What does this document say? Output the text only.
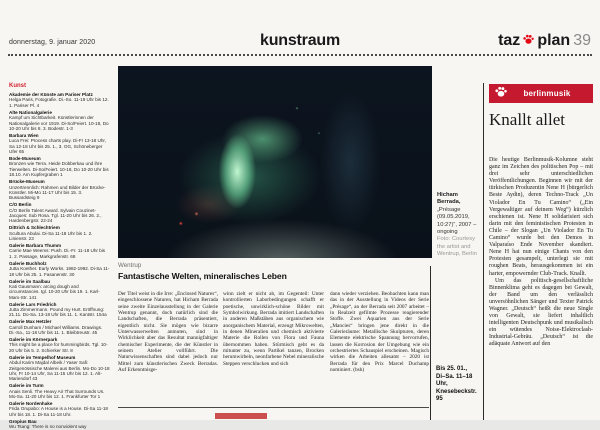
donnerstag, 9. januar 2020	kunstraum	taz plan 39
Kunst
Akademie der Künste am Pariser Platz
Helga Paris, Fotografie. Di.-So. 11-19 Uhr bis 12. 1. Pariser Pl. 4
Alte Nationalgalerie
Kampf um Sichtbarkeit. Künstlerinnen der Nationalgalerie vor 1919. Di-So/Feiert. 10-18, Do 10-20 Uhr bis 8. 3. Bodestr. 1-3
Barbara Wien
Luca Frei: Process charts play. Di-Fr 13-18 Uhr, Sa 12-18 Uhr bis 25. 1., 3. OG, Schöneberger Ufer 65
Bode-Museum
Bronzen wie Terra. Heide Dobberkau und ihre Tierwelten. Di-So/Feiert. 10-18, Do 10-20 Uhr bis 18.10. Am Kupfergraben 1
Brücke-Museum
Unzertrennlich: Rahmen und Bilder der Brücke-Künstler. Mi-Mo 11-17 Uhr bis 15. 3. Bussardsteig 9
C/O Berlin
C/O Berlin Talent Award. Sylvain Couzinet-Jacques: Sub Rosa. Tgl. 11-20 Uhr bis 26. 2., Hardenbergstr. 22-24
Dittrich & Schlechtriem
Scultura Abulai. Di-Sa 11-18 Uhr bis 1. 2. Linienstr. 23
Galerie Barbara Thumm
Carrie Mae Weems: Push. Di.-Fr. 11-18 Uhr bis 1. 2. Passage, Markgrafenstr. 68
Galerie Buchholz
Jutta Koether. Early Works. 1982-1992. Di-Sa 11-18 Uhr bis 25. 1. Fasanenstr. 30
Galerie im Saalbau
Kati Gausmann: arcing dough and circumstances. tgl. 10-20 Uhr bis 19. 1. Karl-Marx-Str. 141
Galerie Lars Friedrich
Jutta Zimmermann. Pound my Hurt. Eröffnung: 21.11. Do-Sa. 13-18 Uhr bis 11. 1. Kantstr. 154a
Galerie Max Hetzler
Carroll Dunham / Michael Williams. Drawings. Di.-Sa., 11-18 Uhr bis 11. 1. Bleibtreustr. 45
Galerie im Körnerpark
This might be a place for hummingbirds. Tgl. 10-20 Uhr bis 5. 2. Schierker Str. 8
Galerie im Tempelhof Museum
Abdul Karim Majdal Albeik / Yaser Safi: Zeitgenössische Malerei aus Berlin. Mo-Do 10-18 Uhr, Fr 10-14 Uhr, Sa 11-15 Uhr bis 12. 1. Alt-Mariendorf 43
Galerie im Turm
Anais Senli. The Heavy Air That Surrounds Us. Mo-Sa. 11-20 Uhr bis 12. 1. Frankfurter Tor 1
Galerie Nordenhake
Frida Orupabo: A House is a House. Di-Sa 11-18 Uhr bis 18. 1. Di-Sa 11-18 Uhr.
Gropius Bau
Wu Tsang: There is no nonviolent way
Hicham Berrada,
„Présage (09.05.2019, 10:27)“, 2007 –ongoing
Foto: Courtesy the artist and Wentrup, Berlin
Wentrup
Fantastische Welten, mineralisches Leben
Der Titel weist in die Irre: „Enclosed Natures“, eingeschlossene Naturen, hat Hicham Berrada seine zweite Einzelausstellung in der Galerie Wentrup genannt, doch natürlich sind die Landschaften, die Berrada präsentiert, eigentlich nicht. Sie mögen wie bizarre Unterwasserwelten anmuten, sind in Wirklichkeit aber das Resultat mannigfaltiger chemischer Experimente, die der Künstler in seinem Atelier vollführt. Die Naturwissenschaften sind dabei jedoch nur Mittel zum künstlerischen Zweck Berradas. Auf Erkenntnisge-
winn zielt er nicht ab, im Gegenteil: Unter kontrollierten Laborbedingungen schafft er poetische, unwirklich-schöne Bilder mit Symbolwirkung. Berrada imitiert Landschaften in anderen Maßstäben aus organischem wie anorganischem Material, erzeugt Mikrowelten, in denen Mineralien und chemisch aktivierte Materie die Rollen von Flora und Fauna übernommen haben. Stürmisch geht es da mitunter zu, wenn Partikel tanzen, Brocken herumwirbeln, neonfarbene Nebel mineralische Steppen verschlucken und sich
dann wieder verziehen. Beobachten kann man das in der Ausstellung in Videos der Serie „Présage“, an der Berrada seit 2007 arbeitet – in Realzeit gefilmte Prozesse reagierender Stoffe. Zwei Aquarien aus der Serie „Mancies“ bringen jene direkt in die Galerieräume: Metallische Skulpturen, deren Elemente elektrische Spannung hervorrufen, lassen die Korrosion der Umgebung wie ein orchestriertes Schauspiel erscheinen. Magisch wirken die Arbeiten allesamt – 2020 ist Berrada für den Prix Marcel Duchamp nominiert. (bsh)	Bis 25. 01., Di–Sa. 11–18 Uhr, Knesebeckstr. 95
berlinmusik
Knallt allet

Die heutige Berlinmusik-Kolumne steht ganz im Zeichen des politischen Pop – mit drei sehr unterschiedlichen Veröffentlichungen. Beginnen wir mit der türkischen Produzentin Nene H (bürgerlich Beste Aydin), deren Techno-Track „Un Violador En Tu Camino“ („Ein Vergewaltiger auf deinem Weg“) kürzlich erschienen ist. Nene H solidarisiert sich darin mit den feministischen Protesten in Chile – der Slogan „Un Violador En Tu Camino“ wurde bei den Demos in Valparaíso Ende November skandiert. Nene H hat nun einige Chants von den Protesten gesampelt, unterlegt sie mit roughen Beats, herausgekommen ist ein harter, empowernder Club-Track. Knallt.

Um das politisch-gesellschaftliche Binnenklima geht es dagegen bei Gewalt, der Band um den verlässlich unversöhnlichen Sänger und Texter Patrick Wagner. „Deutsch“ heißt die neue Single von Gewalt, sie liefert inhaltlich intelligenten Deutschpunk und musikalisch ein wütendes Noise-Elektroclash-Industrial-Gebräu. „Deutsch“ ist die adäquate Antwort auf den
